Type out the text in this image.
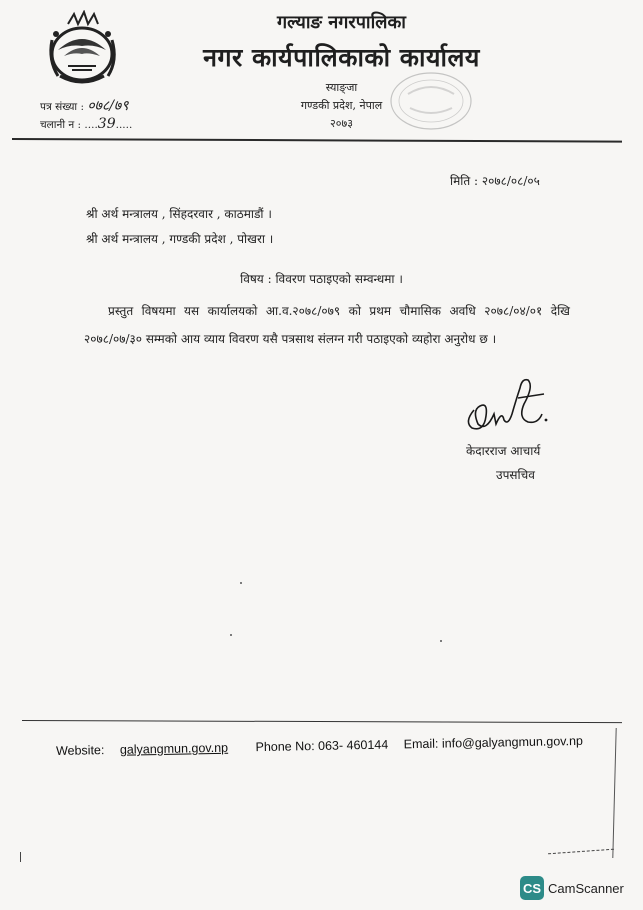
गल्याङ नगरपालिका
नगर कार्यपालिकाको कार्यालय
स्याङ्जा
गण्डकी प्रदेश, नेपाल
२०७३
पत्र संख्या : ०७८/७९
चलानी न : ....39.....
मिति : २०७८/०८/०५
श्री अर्थ मन्त्रालय , सिंहदरवार , काठमाडौं ।
श्री अर्थ मन्त्रालय , गण्डकी प्रदेश , पोखरा ।
विषय : विवरण पठाइएको सम्वन्धमा ।
प्रस्तुत विषयमा यस कार्यालयको आ.व.२०७८/०७९ को प्रथम चौमासिक अवधि २०७८/०४/०१ देखि २०७८/०७/३० सम्मको आय व्याय विवरण यसै पत्रसाथ संलग्न गरी पठाइएको व्यहोरा अनुरोध छ ।
केदारराज आचार्य
उपसचिव
Website: galyangmun.gov.np Phone No: 063- 460144 Email: info@galyangmun.gov.np
CS CamScanner
